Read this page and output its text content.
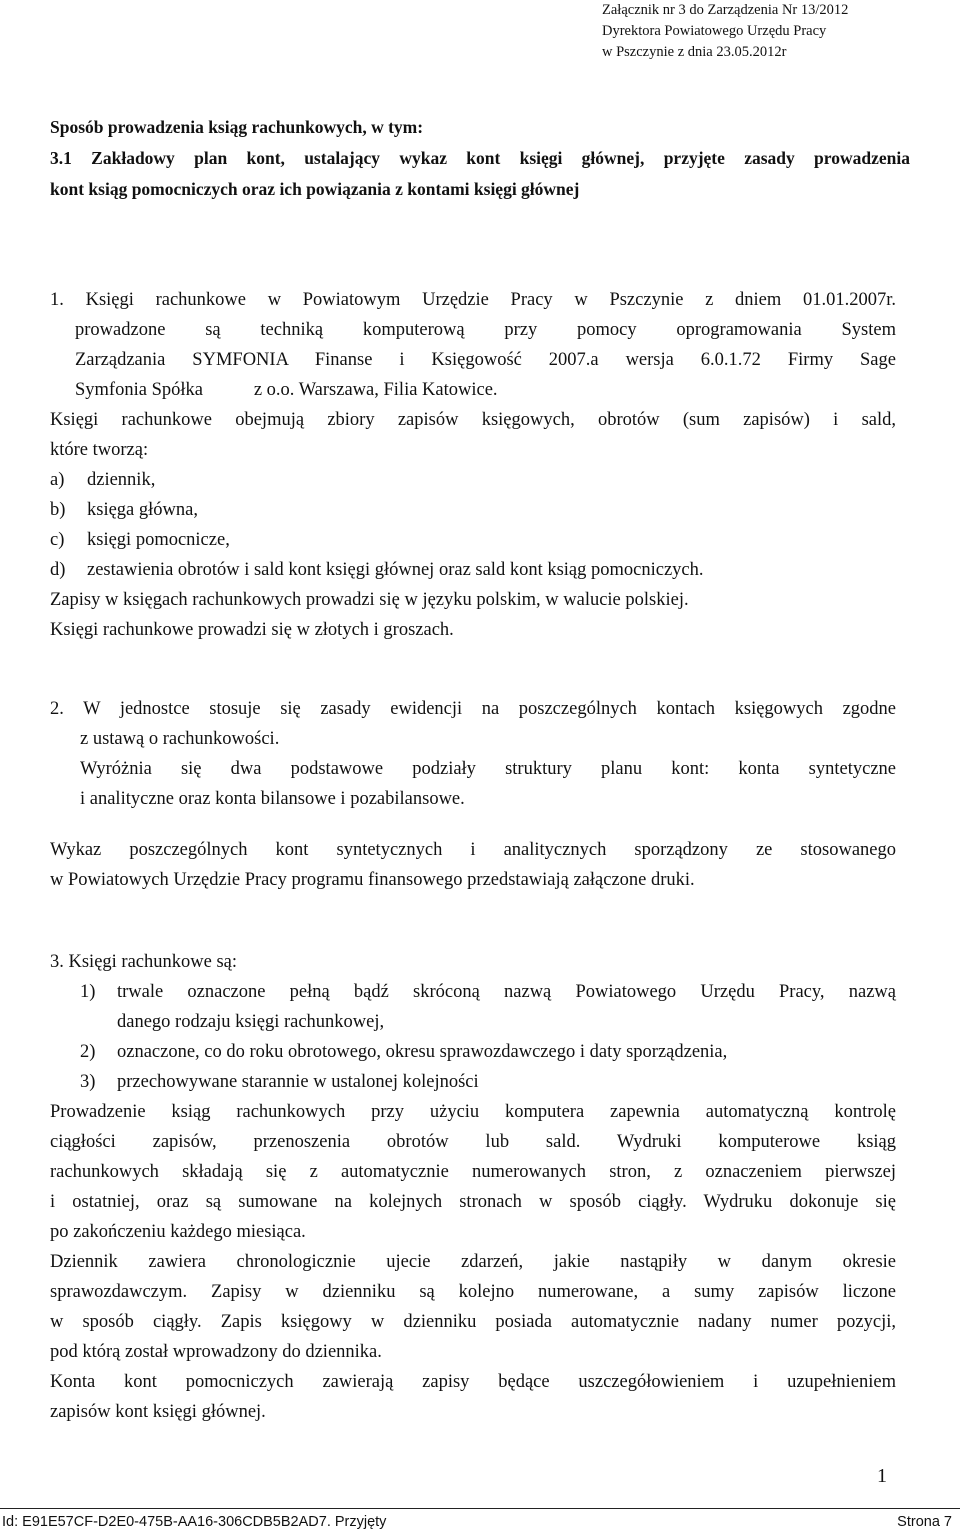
Załącznik nr 3 do Zarządzenia Nr 13/2012
Dyrektora Powiatowego Urzędu Pracy
w Pszczynie z dnia 23.05.2012r
Sposób prowadzenia ksiąg rachunkowych, w tym:
3.1 Zakładowy plan kont, ustalający wykaz kont księgi głównej, przyjęte zasady prowadzenia
kont ksiąg pomocniczych oraz ich powiązania z kontami księgi głównej
1. Księgi rachunkowe w Powiatowym Urzędzie Pracy w Pszczynie z dniem 01.01.2007r.
prowadzone są techniką komputerową przy pomocy oprogramowania System
Zarządzania SYMFONIA Finanse i Księgowość 2007.a wersja 6.0.1.72 Firmy Sage
Symfonia Spółka           z o.o. Warszawa, Filia Katowice.
Księgi rachunkowe obejmują zbiory zapisów księgowych, obrotów (sum zapisów) i sald,
które tworzą:
a)	dziennik,
b)	księga główna,
c)	księgi pomocnicze,
d)	zestawienia obrotów i sald kont księgi głównej oraz sald kont ksiąg pomocniczych.
Zapisy w księgach rachunkowych prowadzi się w języku polskim, w walucie polskiej.
Księgi rachunkowe prowadzi się w złotych i groszach.
2. W jednostce stosuje się zasady ewidencji na poszczególnych kontach księgowych zgodne
z ustawą o rachunkowości.
Wyróżnia się dwa podstawowe podziały struktury planu kont: konta syntetyczne
i analityczne oraz konta bilansowe i pozabilansowe.
Wykaz poszczególnych kont syntetycznych i analitycznych sporządzony ze stosowanego
w Powiatowych Urzędzie Pracy programu finansowego przedstawiają załączone druki.
3. Księgi rachunkowe są:
1)	trwale oznaczone pełną bądź skróconą nazwą Powiatowego Urzędu Pracy, nazwą
danego rodzaju księgi rachunkowej,
2)	oznaczone, co do roku obrotowego, okresu sprawozdawczego i daty sporządzenia,
3)	przechowywane starannie w ustalonej kolejności
Prowadzenie ksiąg rachunkowych przy użyciu komputera zapewnia automatyczną kontrolę
ciągłości zapisów, przenoszenia obrotów lub sald. Wydruki komputerowe ksiąg
rachunkowych składają się z automatycznie numerowanych stron, z oznaczeniem pierwszej
i ostatniej, oraz są sumowane na kolejnych stronach w sposób ciągły. Wydruku dokonuje się
po zakończeniu każdego miesiąca.
Dziennik zawiera chronologicznie ujecie zdarzeń, jakie nastąpiły w danym okresie
sprawozdawczym. Zapisy w dzienniku są kolejno numerowane, a sumy zapisów liczone
w sposób ciągły. Zapis księgowy w dzienniku posiada automatycznie nadany numer pozycji,
pod którą został wprowadzony do dziennika.
Konta kont pomocniczych zawierają zapisy będące uszczegółowieniem i uzupełnieniem
zapisów kont księgi głównej.
1
Id: E91E57CF-D2E0-475B-AA16-306CDB5B2AD7. Przyjęty	Strona 7
